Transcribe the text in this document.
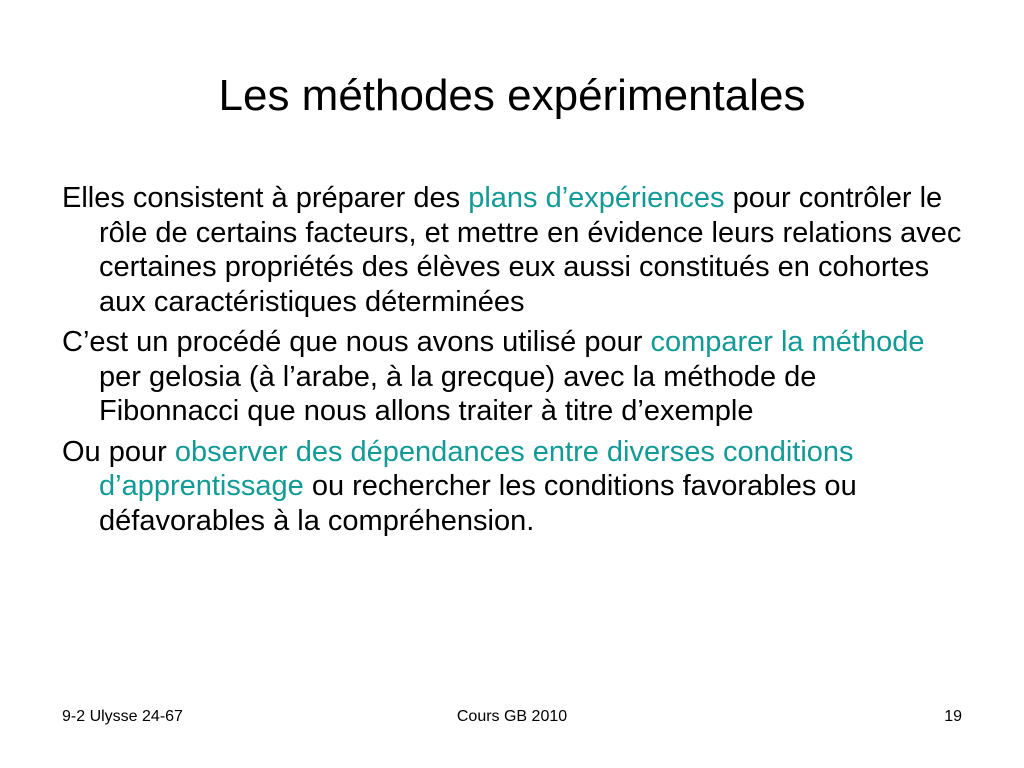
Les méthodes expérimentales

Elles consistent à préparer des plans d’expériences pour contrôler le rôle de certains facteurs, et mettre en évidence leurs relations avec certaines propriétés des élèves eux aussi constitués en cohortes aux caractéristiques déterminées

C’est un procédé que nous avons utilisé pour comparer la méthode per gelosia (à l’arabe, à la grecque) avec la méthode de Fibonnacci que nous allons traiter à titre d’exemple

Ou pour observer des dépendances entre diverses conditions d’apprentissage ou rechercher les conditions favorables ou défavorables à la compréhension.

9-2 Ulysse 24-67	Cours GB 2010	19
